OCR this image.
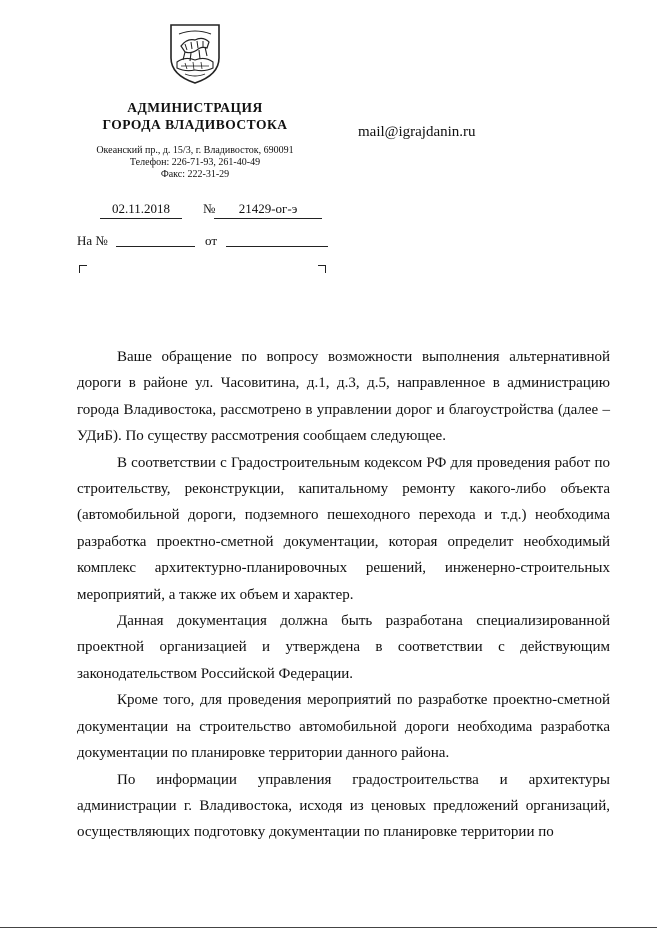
АДМИНИСТРАЦИЯ
ГОРОДА ВЛАДИВОСТОКА
Океанский пр., д. 15/3, г. Владивосток, 690091
Телефон: 226-71-93, 261-40-49
Факс: 222-31-29
mail@igrajdanin.ru
02.11.2018	№	21429-ог-э
На №	от

Ваше обращение по вопросу возможности выполнения альтернативной дороги в районе ул. Часовитина, д.1, д.3, д.5, направленное в администрацию города Владивостока, рассмотрено в управлении дорог и благоустройства (далее – УДиБ). По существу рассмотрения сообщаем следующее.

В соответствии с Градостроительным кодексом РФ для проведения работ по строительству, реконструкции, капитальному ремонту какого-либо объекта (автомобильной дороги, подземного пешеходного перехода и т.д.) необходима разработка проектно-сметной документации, которая определит необходимый комплекс архитектурно-планировочных решений, инженерно-строительных мероприятий, а также их объем и характер.

Данная документация должна быть разработана специализированной проектной организацией и утверждена в соответствии с действующим законодательством Российской Федерации.

Кроме того, для проведения мероприятий по разработке проектно-сметной документации на строительство автомобильной дороги необходима разработка документации по планировке территории данного района.

По информации управления градостроительства и архитектуры администрации г. Владивостока, исходя из ценовых предложений организаций, осуществляющих подготовку документации по планировке территории по
